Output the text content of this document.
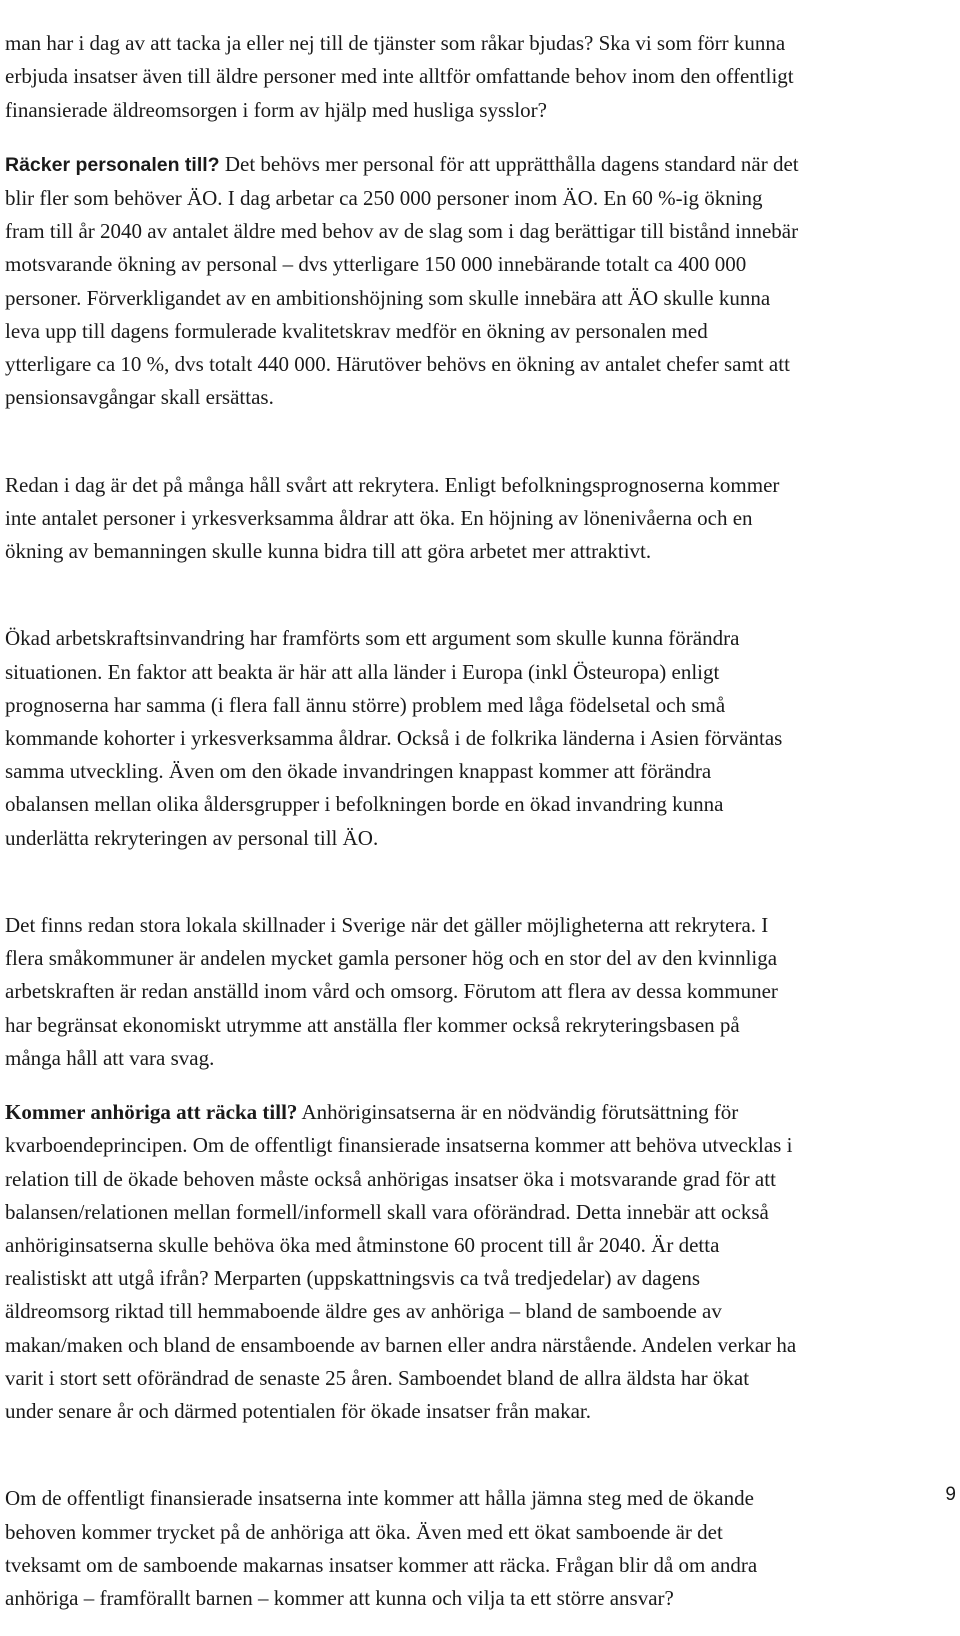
man har i dag av att tacka ja eller nej till de tjänster som råkar bjudas? Ska vi som förr kunna
erbjuda insatser även till äldre personer med inte alltför omfattande behov inom den offentligt
finansierade äldreomsorgen i form av hjälp med husliga sysslor?

Räcker personalen till? Det behövs mer personal för att upprätthålla dagens standard när det
blir fler som behöver ÄO. I dag arbetar ca 250 000 personer inom ÄO. En 60 %-ig ökning
fram till år 2040 av antalet äldre med behov av de slag som i dag berättigar till bistånd innebär
motsvarande ökning av personal – dvs ytterligare 150 000 innebärande totalt ca 400 000
personer. Förverkligandet av en ambitionshöjning som skulle innebära att ÄO skulle kunna
leva upp till dagens formulerade kvalitetskrav medför en ökning av personalen med
ytterligare ca 10 %, dvs totalt 440 000. Härutöver behövs en ökning av antalet chefer samt att
pensionsavgångar skall ersättas.

Redan i dag är det på många håll svårt att rekrytera. Enligt befolkningsprognoserna kommer
inte antalet personer i yrkesverksamma åldrar att öka. En höjning av lönenivåerna och en
ökning av bemanningen skulle kunna bidra till att göra arbetet mer attraktivt.

Ökad arbetskraftsinvandring har framförts som ett argument som skulle kunna förändra
situationen. En faktor att beakta är här att alla länder i Europa (inkl Östeuropa) enligt
prognoserna har samma (i flera fall ännu större) problem med låga födelsetal och små
kommande kohorter i yrkesverksamma åldrar. Också i de folkrika länderna i Asien förväntas
samma utveckling. Även om den ökade invandringen knappast kommer att förändra
obalansen mellan olika åldersgrupper i befolkningen borde en ökad invandring kunna
underlätta rekryteringen av personal till ÄO.

Det finns redan stora lokala skillnader i Sverige när det gäller möjligheterna att rekrytera. I
flera småkommuner är andelen mycket gamla personer hög och en stor del av den kvinnliga
arbetskraften är redan anställd inom vård och omsorg. Förutom att flera av dessa kommuner
har begränsat ekonomiskt utrymme att anställa fler kommer också rekryteringsbasen på
många håll att vara svag.

Kommer anhöriga att räcka till? Anhöriginsatserna är en nödvändig förutsättning för
kvarboendeprincipen. Om de offentligt finansierade insatserna kommer att behöva utvecklas i
relation till de ökade behoven måste också anhörigas insatser öka i motsvarande grad för att
balansen/relationen mellan formell/informell skall vara oförändrad. Detta innebär att också
anhöriginsatserna skulle behöva öka med åtminstone 60 procent till år 2040. Är detta
realistiskt att utgå ifrån? Merparten (uppskattningsvis ca två tredjedelar) av dagens
äldreomsorg riktad till hemmaboende äldre ges av anhöriga – bland de samboende av
makan/maken och bland de ensamboende av barnen eller andra närstående. Andelen verkar ha
varit i stort sett oförändrad de senaste 25 åren. Samboendet bland de allra äldsta har ökat
under senare år och därmed potentialen för ökade insatser från makar.

Om de offentligt finansierade insatserna inte kommer att hålla jämna steg med de ökande
behoven kommer trycket på de anhöriga att öka. Även med ett ökat samboende är det
tveksamt om de samboende makarnas insatser kommer att räcka. Frågan blir då om andra
anhöriga – framförallt barnen – kommer att kunna och vilja ta ett större ansvar?

9
